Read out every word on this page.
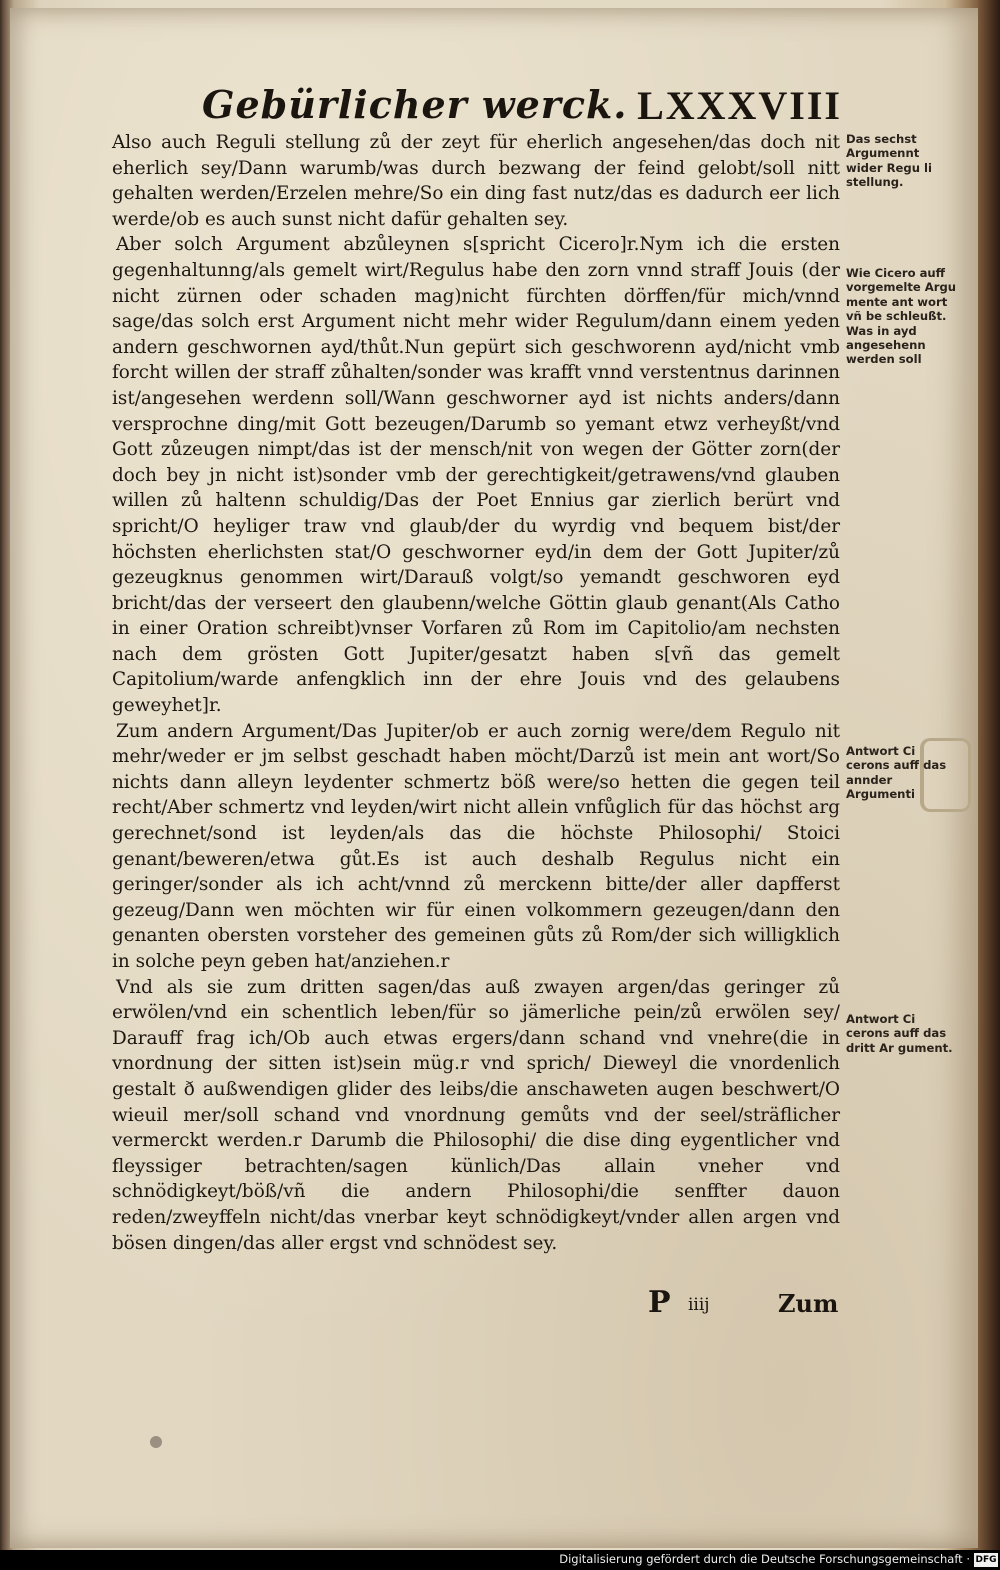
Gebürlicher werck. LXXXVIII

Also auch Reguli stellung zů der zeyt für eherlich angesehen/das doch nit eherlich sey/Dann warumb/was durch bezwang der feind gelobt/soll nitt gehalten werden/Erzelen mehre/So ein ding fast nutz/das es dadurch eer lich werde/ob es auch sunst nicht dafür gehalten sey.

Aber solch Argument abzůleynen s[spricht Cicero]r.Nym ich die ersten gegenhaltunng/als gemelt wirt/Regulus habe den zorn vnnd straff Jouis (der nicht zürnen oder schaden mag)nicht fürchten dörffen/für mich/vnnd sage/das solch erst Argument nicht mehr wider Regulum/dann einem yeden andern geschwornen ayd/thůt.Nun gepürt sich geschworenn ayd/nicht vmb forcht willen der straff zůhalten/sonder was krafft vnnd verstentnus darinnen ist/angesehen werdenn soll/Wann geschworner ayd ist nichts anders/dann versprochne ding/mit Gott bezeugen/Darumb so yemant etwz verheyßt/vnd Gott zůzeugen nimpt/das ist der mensch/nit von wegen der Götter zorn(der doch bey jn nicht ist)sonder vmb der gerechtigkeit/getrawens/vnd glauben willen zů haltenn schuldig/Das der Poet Ennius gar zierlich berürt vnd spricht/O heyliger traw vnd glaub/der du wyrdig vnd bequem bist/der höchsten eherlichsten stat/O geschworner eyd/in dem der Gott Jupiter/zů gezeugknus genommen wirt/Darauß volgt/so yemandt geschworen eyd bricht/das der verseert den glaubenn/welche Göttin glaub genant(Als Catho in einer Oration schreibt)vnser Vorfaren zů Rom im Capitolio/am nechsten nach dem grösten Gott Jupiter/gesatzt haben s[vñ das gemelt Capitolium/warde anfengklich inn der ehre Jouis vnd des gelaubens geweyhet]r.

Zum andern Argument/Das Jupiter/ob er auch zornig were/dem Regulo nit mehr/weder er jm selbst geschadt haben möcht/Darzů ist mein ant wort/So nichts dann alleyn leydenter schmertz böß were/so hetten die gegen teil recht/Aber schmertz vnd leyden/wirt nicht allein vnfůglich für das höchst arg gerechnet/sond ist leyden/als das die höchste Philosophi/ Stoici genant/beweren/etwa gůt.Es ist auch deshalb Regulus nicht ein geringer/sonder als ich acht/vnnd zů merckenn bitte/der aller dapfferst gezeug/Dann wen möchten wir für einen volkommern gezeugen/dann den genanten obersten vorsteher des gemeinen gůts zů Rom/der sich willigklich in solche peyn geben hat/anziehen.r

Vnd als sie zum dritten sagen/das auß zwayen argen/das geringer zů erwölen/vnd ein schentlich leben/für so jämerliche pein/zů erwölen sey/ Darauff frag ich/Ob auch etwas ergers/dann schand vnd vnehre(die in vnordnung der sitten ist)sein müg.r vnd sprich/ Dieweyl die vnordenlich gestalt ð außwendigen glider des leibs/die anschaweten augen beschwert/O wieuil mer/soll schand vnd vnordnung gemůts vnd der seel/sträflicher vermerckt werden.r Darumb die Philosophi/ die dise ding eygentlicher vnd fleyssiger betrachten/sagen künlich/Das allain vneher vnd schnödigkeyt/böß/vñ die andern Philosophi/die senffter dauon reden/zweyffeln nicht/das vnerbar keyt schnödigkeyt/vnder allen argen vnd bösen dingen/das aller ergst vnd schnödest sey.

Das sechst Argumennt wider Regu li stellung.
Wie Cicero auff vorgemelte Argu mente ant wort vñ be schleußt. Was in ayd angesehenn werden soll
Antwort Ci cerons auff das annder Argumenti
Antwort Ci cerons auff das dritt Ar gument.
P iiij	Zum
Digitalisierung gefördert durch die Deutsche Forschungsgemeinschaft · DFG
